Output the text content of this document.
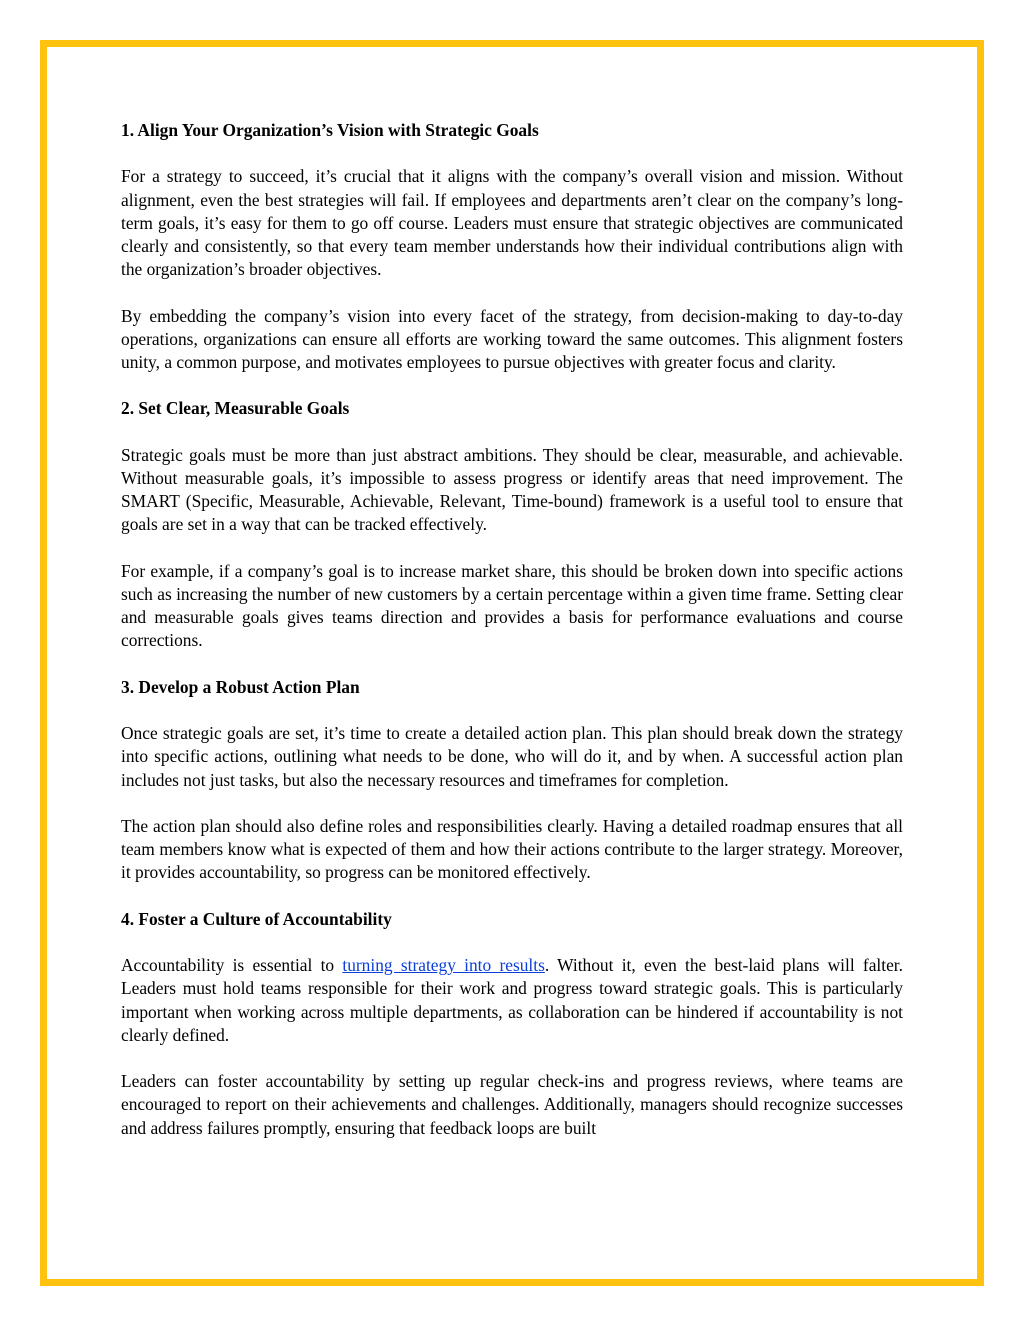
1. Align Your Organization’s Vision with Strategic Goals

For a strategy to succeed, it’s crucial that it aligns with the company’s overall vision and mission. Without alignment, even the best strategies will fail. If employees and departments aren’t clear on the company’s long-term goals, it’s easy for them to go off course. Leaders must ensure that strategic objectives are communicated clearly and consistently, so that every team member understands how their individual contributions align with the organization’s broader objectives.

By embedding the company’s vision into every facet of the strategy, from decision-making to day-to-day operations, organizations can ensure all efforts are working toward the same outcomes. This alignment fosters unity, a common purpose, and motivates employees to pursue objectives with greater focus and clarity.

2. Set Clear, Measurable Goals

Strategic goals must be more than just abstract ambitions. They should be clear, measurable, and achievable. Without measurable goals, it’s impossible to assess progress or identify areas that need improvement. The SMART (Specific, Measurable, Achievable, Relevant, Time-bound) framework is a useful tool to ensure that goals are set in a way that can be tracked effectively.

For example, if a company’s goal is to increase market share, this should be broken down into specific actions such as increasing the number of new customers by a certain percentage within a given time frame. Setting clear and measurable goals gives teams direction and provides a basis for performance evaluations and course corrections.

3. Develop a Robust Action Plan

Once strategic goals are set, it’s time to create a detailed action plan. This plan should break down the strategy into specific actions, outlining what needs to be done, who will do it, and by when. A successful action plan includes not just tasks, but also the necessary resources and timeframes for completion.

The action plan should also define roles and responsibilities clearly. Having a detailed roadmap ensures that all team members know what is expected of them and how their actions contribute to the larger strategy. Moreover, it provides accountability, so progress can be monitored effectively.

4. Foster a Culture of Accountability

Accountability is essential to turning strategy into results. Without it, even the best-laid plans will falter. Leaders must hold teams responsible for their work and progress toward strategic goals. This is particularly important when working across multiple departments, as collaboration can be hindered if accountability is not clearly defined.

Leaders can foster accountability by setting up regular check-ins and progress reviews, where teams are encouraged to report on their achievements and challenges. Additionally, managers should recognize successes and address failures promptly, ensuring that feedback loops are built
